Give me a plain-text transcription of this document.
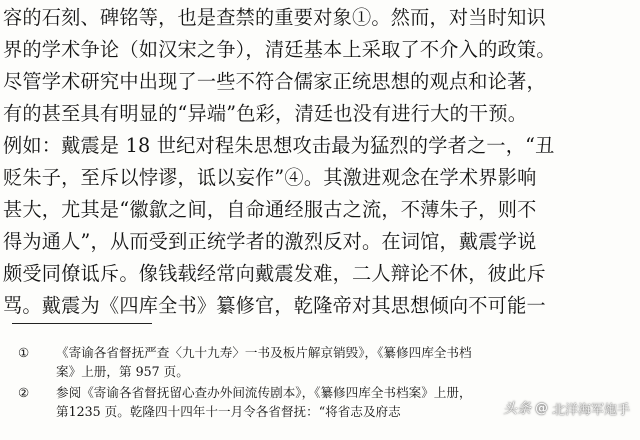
容的石刻、碑铭等，也是查禁的重要对象①。然而，对当时知识
界的学术争论（如汉宋之争），清廷基本上采取了不介入的政策。
尽管学术研究中出现了一些不符合儒家正统思想的观点和论著，
有的甚至具有明显的“异端”色彩，清廷也没有进行大的干预。
例如：戴震是 18 世纪对程朱思想攻击最为猛烈的学者之一，“丑
贬朱子，至斥以悖谬，诋以妄作”④。其激进观念在学术界影响
甚大，尤其是“徽歙之间，自命通经服古之流，不薄朱子，则不
得为通人”，从而受到正统学者的激烈反对。在词馆，戴震学说
颇受同僚诋斥。像钱载经常向戴震发难，二人辩论不休，彼此斥
骂。戴震为《四库全书》纂修官，乾隆帝对其思想倾向不可能一
①	《寄谕各省督抚严查〈九十九寿〉一书及板片解京销毁》，《纂修四库全书档
案》上册，第 957 页。
②	参阅《寄谕各省督抚留心查办外间流传剧本》，《纂修四库全书档案》上册，
第1235 页。乾隆四十四年十一月令各省督抚：“将省志及府志	头条 @ 北洋海军炮手
